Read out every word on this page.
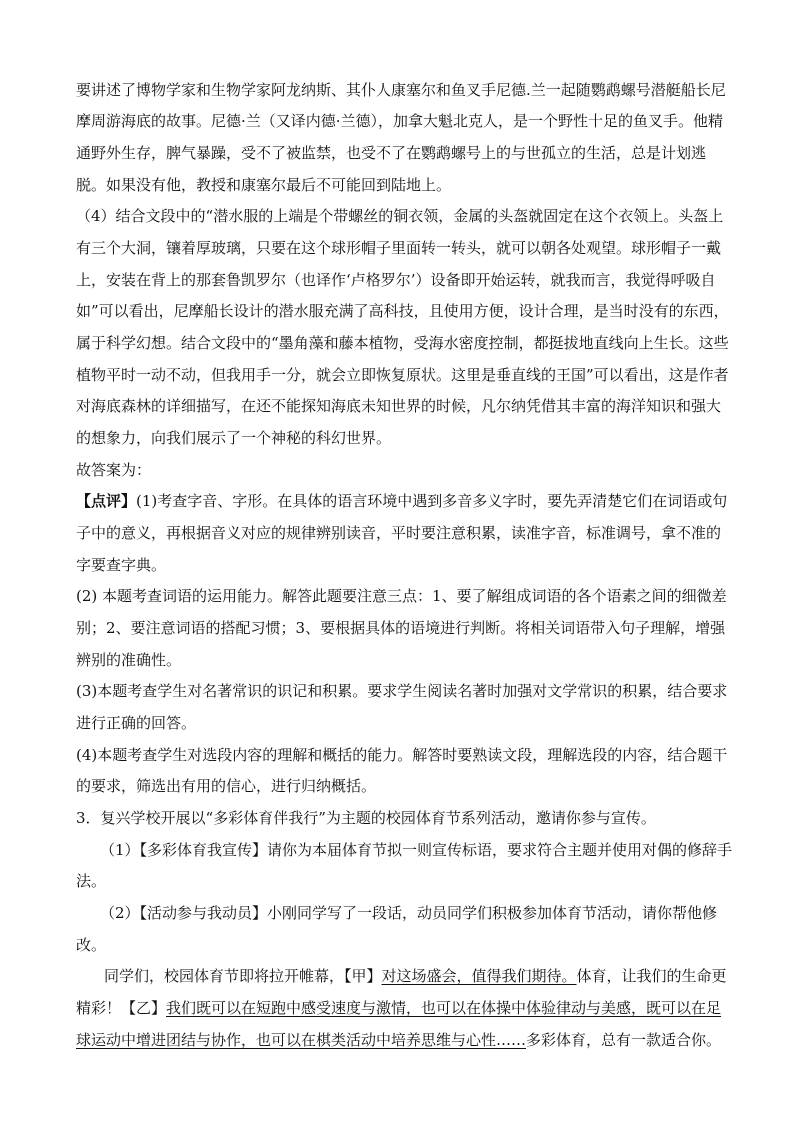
要讲述了博物学家和生物学家阿龙纳斯、其仆人康塞尔和鱼叉手尼德.兰一起随鹦鹉螺号潜艇船长尼
摩周游海底的故事。尼德·兰（又译内德·兰德），加拿大魁北克人，是一个野性十足的鱼叉手。他精
通野外生存，脾气暴躁，受不了被监禁，也受不了在鹦鹉螺号上的与世孤立的生活，总是计划逃
脱。如果没有他，教授和康塞尔最后不可能回到陆地上。
（4）结合文段中的“潜水服的上端是个带螺丝的铜衣领，金属的头盔就固定在这个衣领上。头盔上
有三个大洞，镶着厚玻璃，只要在这个球形帽子里面转一转头，就可以朝各处观望。球形帽子一戴
上，安装在背上的那套鲁凯罗尔（也译作‘卢格罗尔’）设备即开始运转，就我而言，我觉得呼吸自
如”可以看出，尼摩船长设计的潜水服充满了高科技，且使用方便，设计合理，是当时没有的东西，
属于科学幻想。结合文段中的“墨角藻和藤本植物，受海水密度控制，都挺拔地直线向上生长。这些
植物平时一动不动，但我用手一分，就会立即恢复原状。这里是垂直线的王国”可以看出，这是作者
对海底森林的详细描写，在还不能探知海底未知世界的时候，凡尔纳凭借其丰富的海洋知识和强大
的想象力，向我们展示了一个神秘的科幻世界。
故答案为：
【点评】(1)考查字音、字形。在具体的语言环境中遇到多音多义字时，要先弄清楚它们在词语或句
子中的意义，再根据音义对应的规律辨别读音，平时要注意积累，读准字音，标准调号，拿不准的
字要查字典。
(2) 本题考查词语的运用能力。解答此题要注意三点：1、要了解组成词语的各个语素之间的细微差
别；2、要注意词语的搭配习惯；3、要根据具体的语境进行判断。将相关词语带入句子理解，增强
辨别的准确性。
(3)本题考查学生对名著常识的识记和积累。要求学生阅读名著时加强对文学常识的积累，结合要求
进行正确的回答。
(4)本题考查学生对选段内容的理解和概括的能力。解答时要熟读文段，理解选段的内容，结合题干
的要求，筛选出有用的信心，进行归纳概括。
3．复兴学校开展以“多彩体育伴我行”为主题的校园体育节系列活动，邀请你参与宣传。
（1）【多彩体育我宣传】请你为本届体育节拟一则宣传标语，要求符合主题并使用对偶的修辞手
法。
（2）【活动参与我动员】小刚同学写了一段话，动员同学们积极参加体育节活动，请你帮他修
改。
同学们，校园体育节即将拉开帷幕，【甲】对这场盛会，值得我们期待。体育，让我们的生命更
精彩！【乙】我们既可以在短跑中感受速度与激情，也可以在体操中体验律动与美感，既可以在足
球运动中增进团结与协作，也可以在棋类活动中培养思维与心性……多彩体育，总有一款适合你。
